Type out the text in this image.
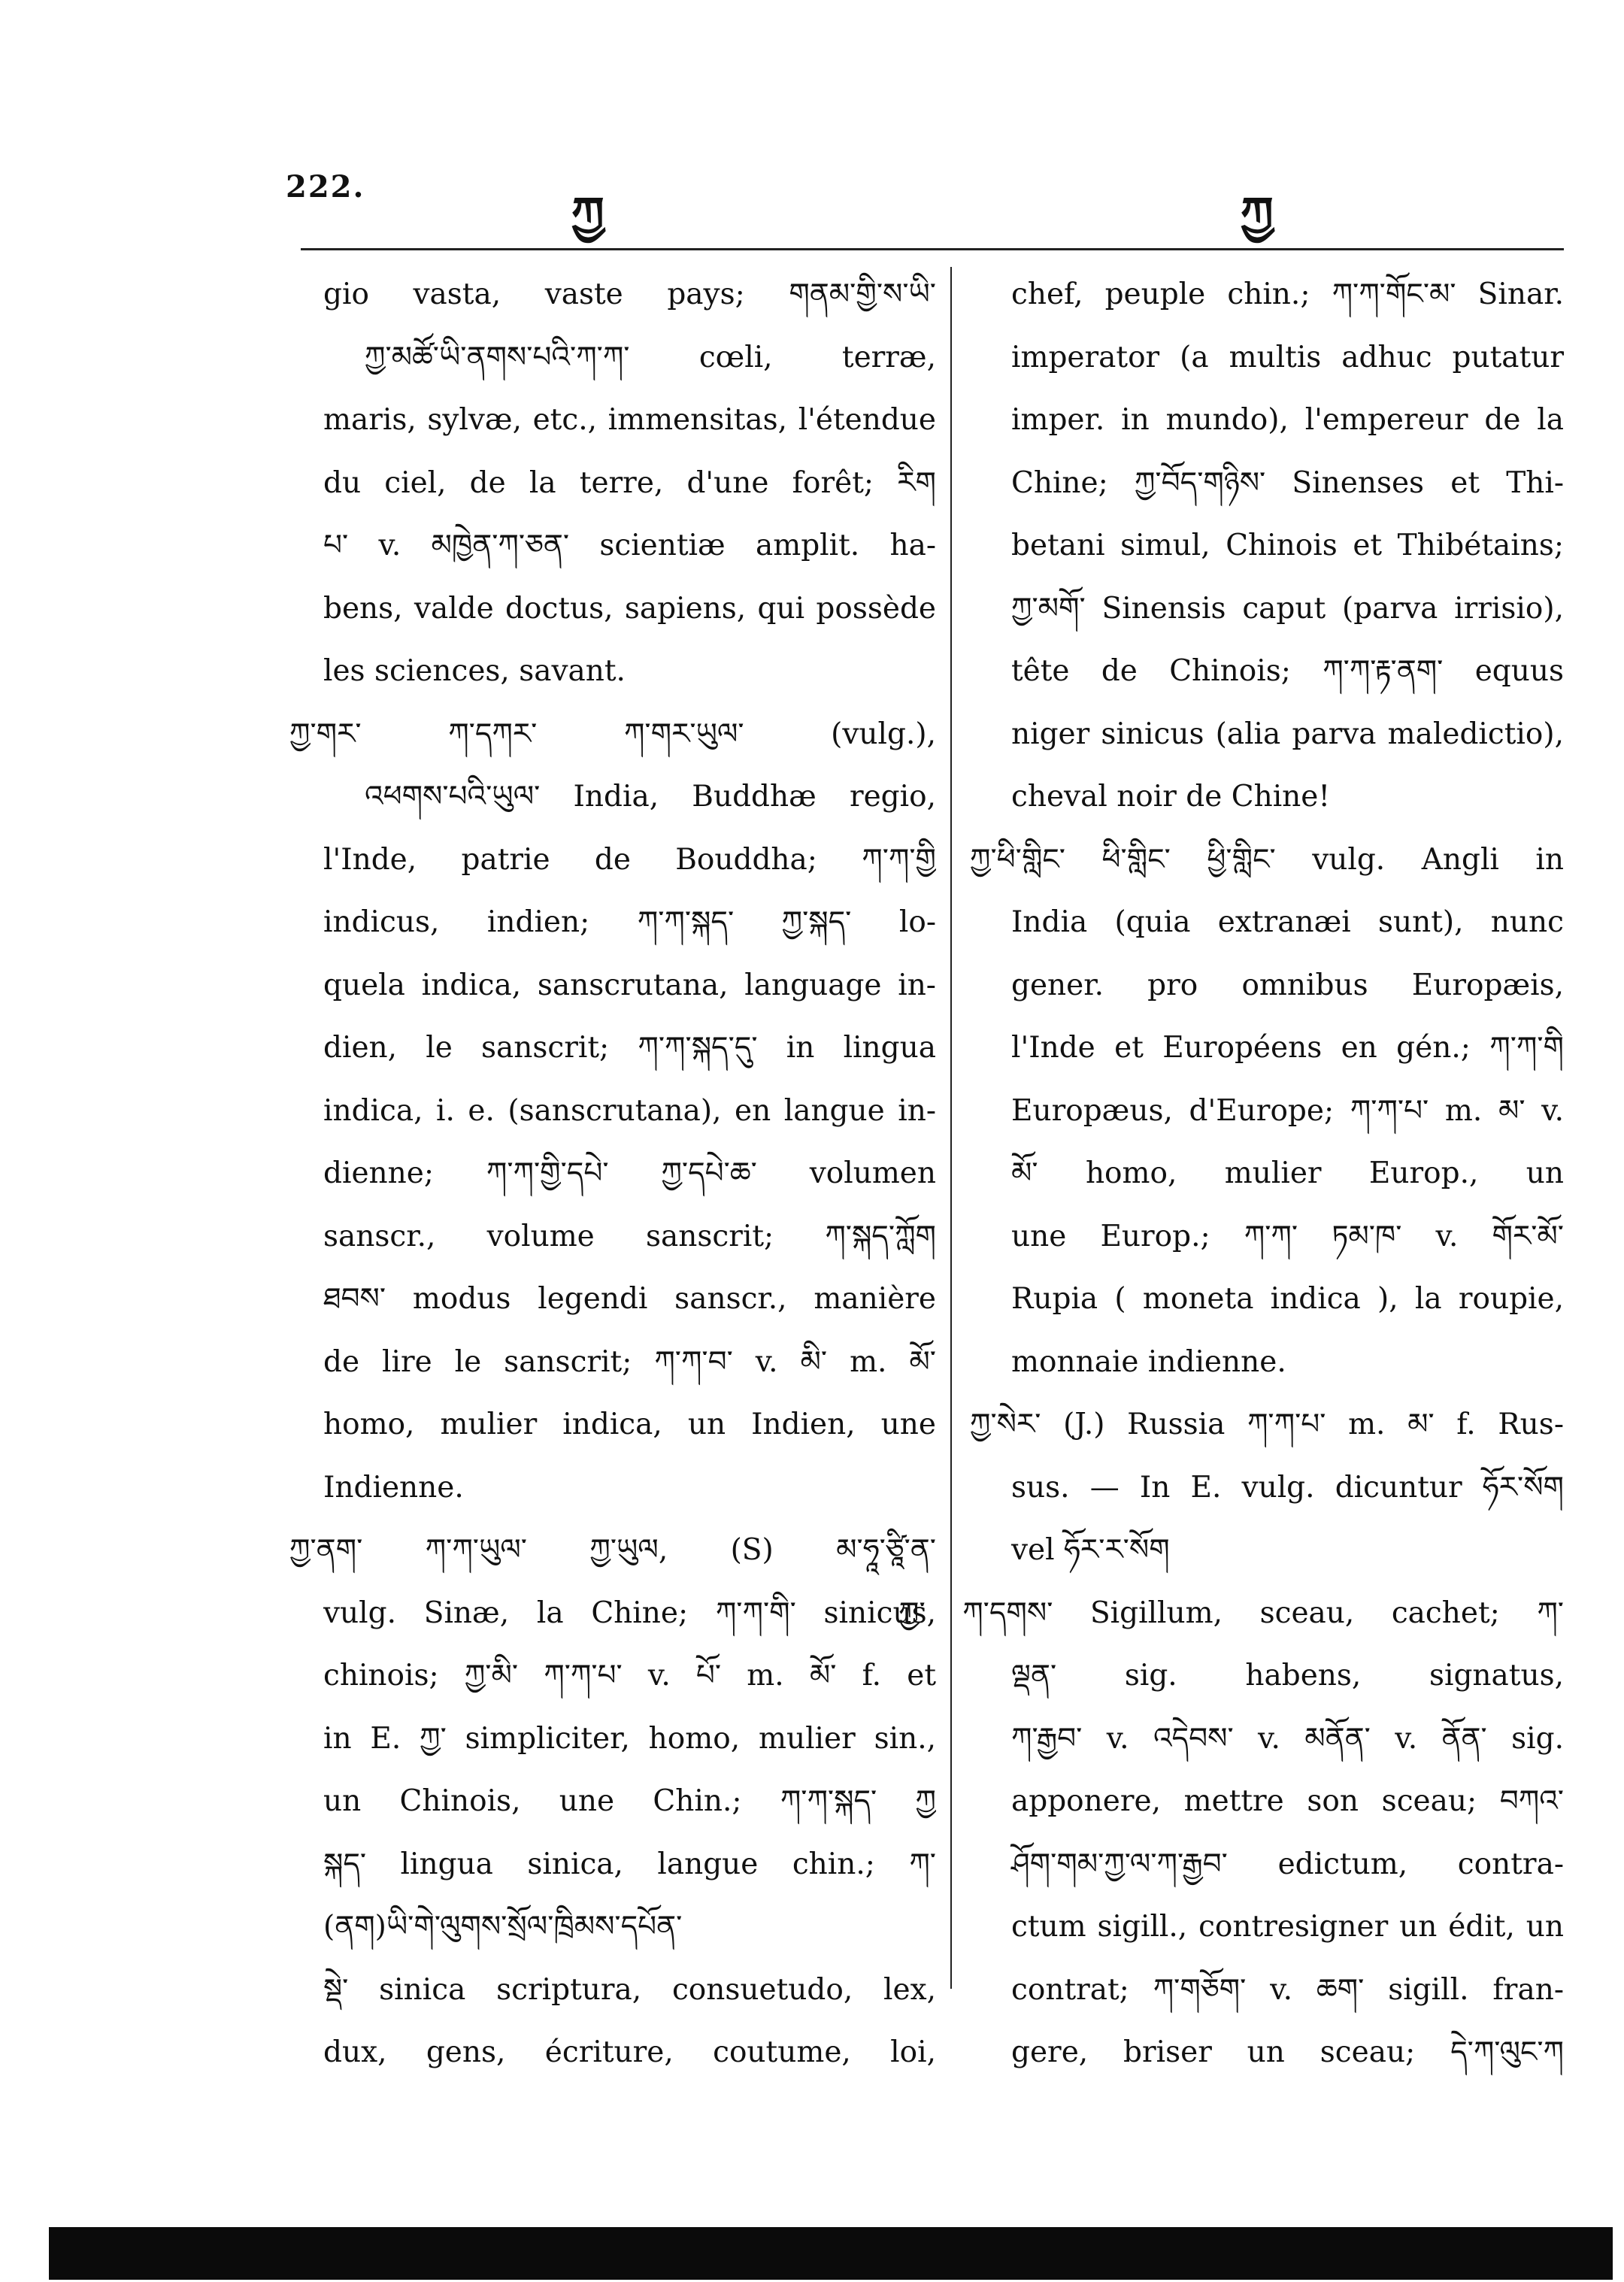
222.	ཀྱ	ཀྱ
gio vasta, vaste pays; གནམ་གྱི་ས་ཡི་
ཀྱ་མཚོ་ཡི་ནགས་པའི་ཀ་ཀ་ cœli, terræ,
maris, sylvæ, etc., immensitas, l'étendue
du ciel, de la terre, d'une forêt; རིག
པ་ v. མཁྱེན་ཀ་ཅན་ scientiæ amplit. ha-
bens, valde doctus, sapiens, qui possède
les sciences, savant.
ཀྱ་གར་ ཀ་དཀར་ ཀ་གར་ཡུལ་ (vulg.),
འཕགས་པའི་ཡུལ་ India, Buddhæ regio,
l'Inde, patrie de Bouddha; ཀ་ཀ་གྱི
indicus, indien; ཀ་ཀ་སྐད་ ཀྱ་སྐད་ lo-
quela indica, sanscrutana, language in-
dien, le sanscrit; ཀ་ཀ་སྐད་དུ་ in lingua
indica, i. e. (sanscrutana), en langue in-
dienne; ཀ་ཀ་གྱི་དཔེ་ ཀྱ་དཔེ་ཆ་ volumen
sanscr., volume sanscrit; ཀ་སྐད་ཀློག
ཐབས་ modus legendi sanscr., manière
de lire le sanscrit; ཀ་ཀ་བ་ v. མི་ m. མོ་
homo, mulier indica, un Indien, une
Indienne.
ཀྱ་ནག་ ཀ་ཀ་ཡུལ་ ཀྱ་ཡུལ, (S) མ་ཧཱ་ཙཱི་ན་
vulg. Sinæ, la Chine; ཀ་ཀ་གི་ sinicus,
chinois; ཀྱ་མི་ ཀ་ཀ་པ་ v. པོ་ m. མོ་ f. et
in E. ཀྱ་ simpliciter, homo, mulier sin.,
un Chinois, une Chin.; ཀ་ཀ་སྐད་ ཀྱ
སྐད་ lingua sinica, langue chin.; ཀ་
(ནག)ཡི་གེ་ལུགས་སྲོལ་ཁྲིམས་དཔོན་
སྡེ་ sinica scriptura, consuetudo, lex,
dux, gens, écriture, coutume, loi,
chef, peuple chin.; ཀ་ཀ་གོང་མ་ Sinar.
imperator (a multis adhuc putatur
imper. in mundo), l'empereur de la
Chine; ཀྱ་བོད་གཉིས་ Sinenses et Thi-
betani simul, Chinois et Thibétains;
ཀྱ་མགོ་ Sinensis caput (parva irrisio),
tête de Chinois; ཀ་ཀ་རྟ་ནག་ equus
niger sinicus (alia parva maledictio),
cheval noir de Chine!
ཀྱ་ཕི་གླིང་ ཕི་གླིང་ ཕྱི་གླིང་ vulg. Angli in
India (quia extranæi sunt), nunc
gener. pro omnibus Europæis,
l'Inde et Européens en gén.; ཀ་ཀ་གི
Europæus, d'Europe; ཀ་ཀ་པ་ m. མ་ v.
མོ་ homo, mulier Europ., un
une Europ.; ཀ་ཀ་ ཏམ་ཁ་ v. གོར་མོ་
Rupia ( moneta indica ), la roupie,
monnaie indienne.
ཀྱ་སེར་ (J.) Russia ཀ་ཀ་པ་ m. མ་ f. Rus-
sus. — In E. vulg. dicuntur ཧོར་སོག
vel ཧོར་ར་སོག
ཀྱ་ ཀ་དགས་ Sigillum, sceau, cachet; ཀ་
ལྡན་ sig. habens, signatus,
ཀ་རྒྱབ་ v. འདེབས་ v. མནོན་ v. ནོན་ sig.
apponere, mettre son sceau; བཀའ་
ཤོག་གམ་ཀྱ་ལ་ཀ་རྒྱབ་ edictum, contra-
ctum sigill., contresigner un édit, un
contrat; ཀ་གཅོག་ v. ཆག་ sigill. fran-
gere, briser un sceau; དེ་ཀ་ལུང་ཀ
